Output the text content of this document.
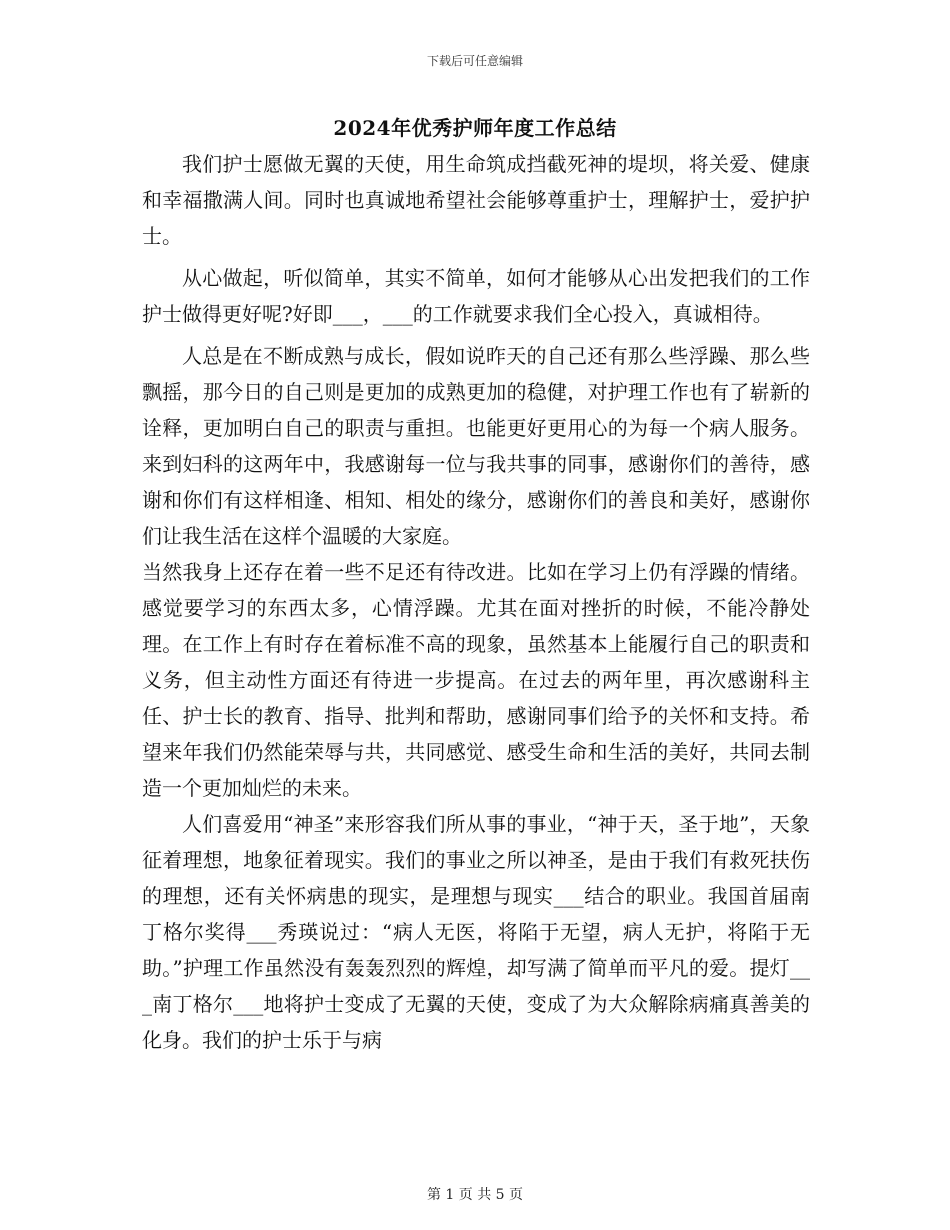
下载后可任意编辑
2024年优秀护师年度工作总结

我们护士愿做无翼的天使，用生命筑成挡截死神的堤坝，将关爱、健康和幸福撒满人间。同时也真诚地希望社会能够尊重护士，理解护士，爱护护士。

从心做起，听似简单，其实不简单，如何才能够从心出发把我们的工作护士做得更好呢?好即___，___的工作就要求我们全心投入，真诚相待。

人总是在不断成熟与成长，假如说昨天的自己还有那么些浮躁、那么些飘摇，那今日的自己则是更加的成熟更加的稳健，对护理工作也有了崭新的诠释，更加明白自己的职责与重担。也能更好更用心的为每一个病人服务。来到妇科的这两年中，我感谢每一位与我共事的同事，感谢你们的善待，感谢和你们有这样相逢、相知、相处的缘分，感谢你们的善良和美好，感谢你们让我生活在这样个温暖的大家庭。

当然我身上还存在着一些不足还有待改进。比如在学习上仍有浮躁的情绪。感觉要学习的东西太多，心情浮躁。尤其在面对挫折的时候，不能冷静处理。在工作上有时存在着标准不高的现象，虽然基本上能履行自己的职责和义务，但主动性方面还有待进一步提高。在过去的两年里，再次感谢科主任、护士长的教育、指导、批判和帮助，感谢同事们给予的关怀和支持。希望来年我们仍然能荣辱与共，共同感觉、感受生命和生活的美好，共同去制造一个更加灿烂的未来。

人们喜爱用“神圣”来形容我们所从事的事业，“神于天，圣于地”，天象征着理想，地象征着现实。我们的事业之所以神圣，是由于我们有救死扶伤的理想，还有关怀病患的现实，是理想与现实___结合的职业。我国首届南丁格尔奖得___秀瑛说过：“病人无医，将陷于无望，病人无护，将陷于无助。”护理工作虽然没有轰轰烈烈的辉煌，却写满了简单而平凡的爱。提灯___南丁格尔___地将护士变成了无翼的天使，变成了为大众解除病痛真善美的化身。我们的护士乐于与病

第 1 页 共 5 页
